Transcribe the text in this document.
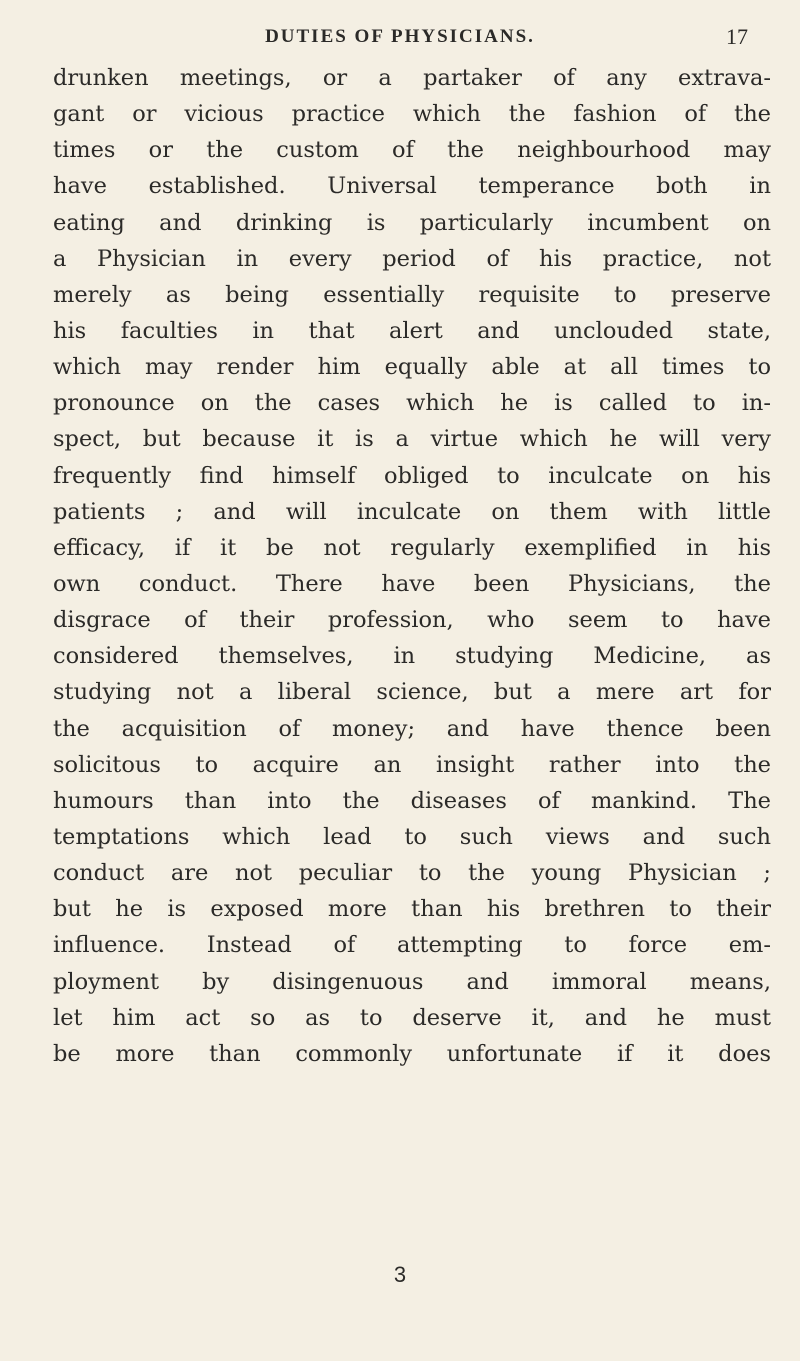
DUTIES OF PHYSICIANS.	17
drunken meetings, or a partaker of any extrava-
gant or vicious practice which the fashion of the
times or the custom of the neighbourhood may
have established. Universal temperance both in
eating and drinking is particularly incumbent on
a Physician in every period of his practice, not
merely as being essentially requisite to preserve
his faculties in that alert and unclouded state,
which may render him equally able at all times to
pronounce on the cases which he is called to in-
spect, but because it is a virtue which he will very
frequently find himself obliged to inculcate on his
patients ; and will inculcate on them with little
efficacy, if it be not regularly exemplified in his
own conduct. There have been Physicians, the
disgrace of their profession, who seem to have
considered themselves, in studying Medicine, as
studying not a liberal science, but a mere art for
the acquisition of money; and have thence been
solicitous to acquire an insight rather into the
humours than into the diseases of mankind. The
temptations which lead to such views and such
conduct are not peculiar to the young Physician ;
but he is exposed more than his brethren to their
influence. Instead of attempting to force em-
ployment by disingenuous and immoral means,
let him act so as to deserve it, and he must
be more than commonly unfortunate if it does
3
